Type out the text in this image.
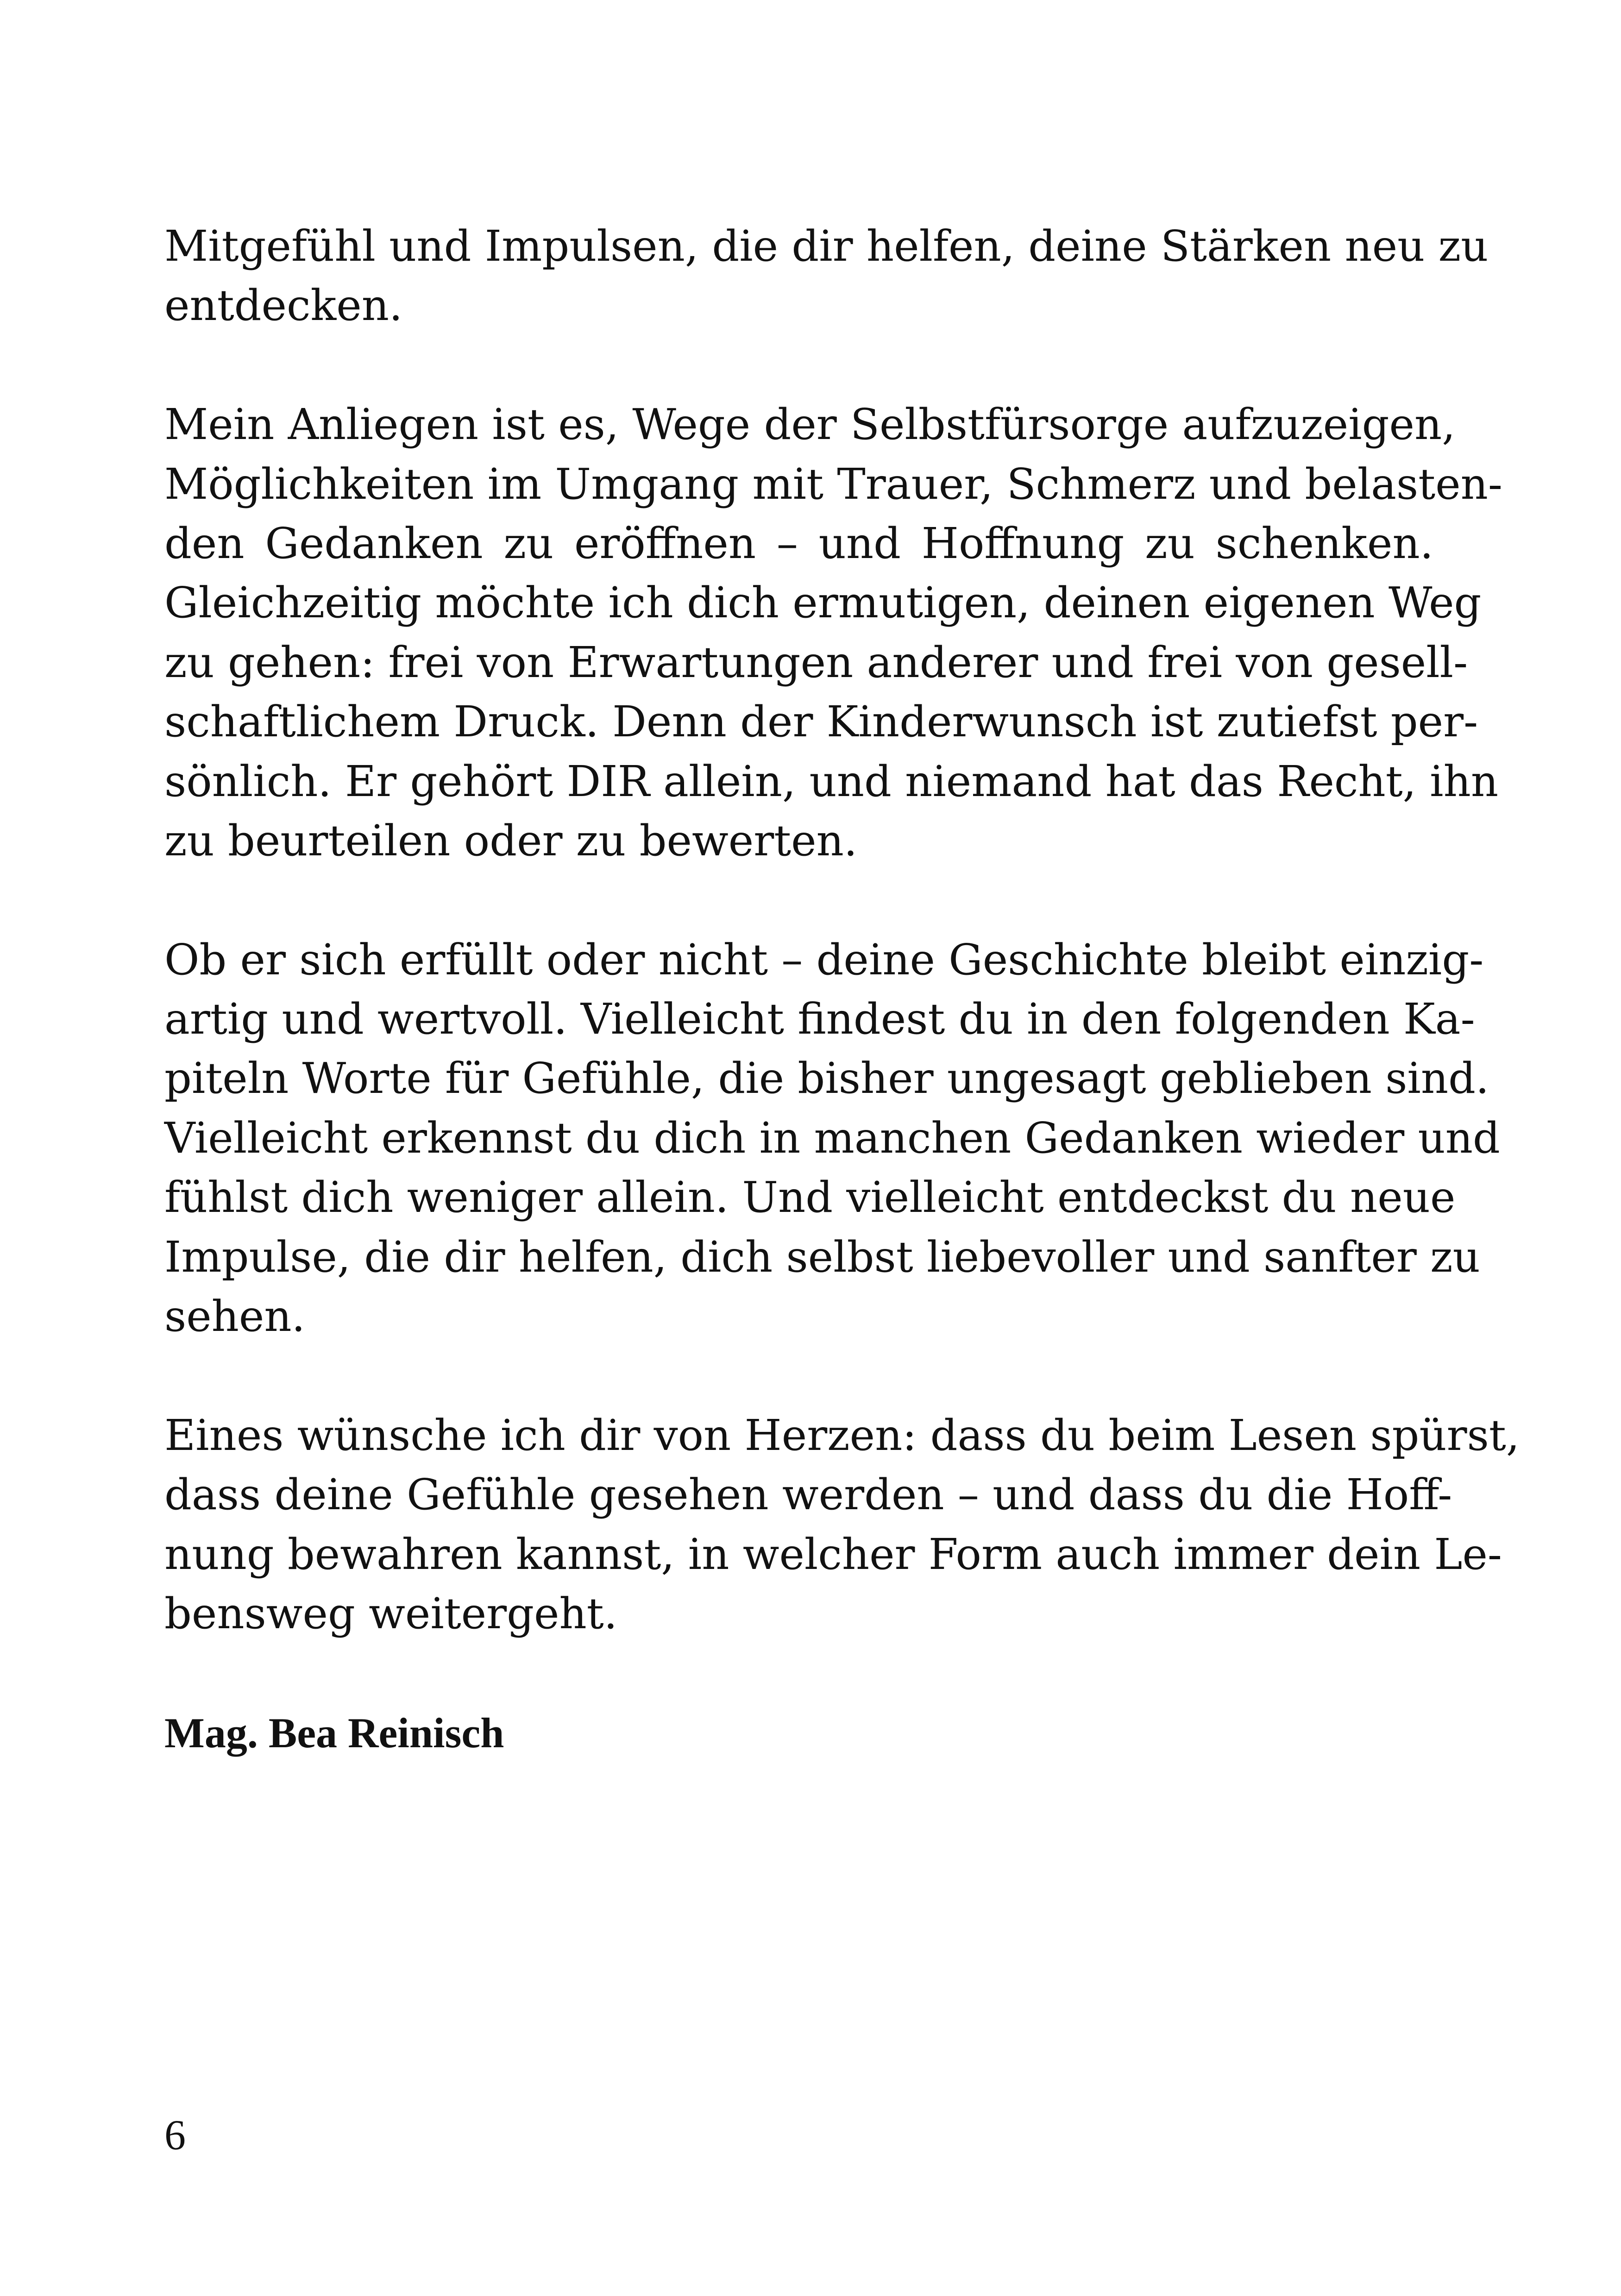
Mitgefühl und Impulsen, die dir helfen, deine Stärken neu zu
entdecken.
Mein Anliegen ist es, Wege der Selbstfürsorge aufzuzeigen,
Möglichkeiten im Umgang mit Trauer, Schmerz und belasten-
den Gedanken zu eröffnen – und Hoffnung zu schenken.
Gleichzeitig möchte ich dich ermutigen, deinen eigenen Weg
zu gehen: frei von Erwartungen anderer und frei von gesell-
schaftlichem Druck. Denn der Kinderwunsch ist zutiefst per-
sönlich. Er gehört DIR allein, und niemand hat das Recht, ihn
zu beurteilen oder zu bewerten.
Ob er sich erfüllt oder nicht – deine Geschichte bleibt einzig-
artig und wertvoll. Vielleicht findest du in den folgenden Ka-
piteln Worte für Gefühle, die bisher ungesagt geblieben sind.
Vielleicht erkennst du dich in manchen Gedanken wieder und
fühlst dich weniger allein. Und vielleicht entdeckst du neue
Impulse, die dir helfen, dich selbst liebevoller und sanfter zu
sehen.
Eines wünsche ich dir von Herzen: dass du beim Lesen spürst,
dass deine Gefühle gesehen werden – und dass du die Hoff-
nung bewahren kannst, in welcher Form auch immer dein Le-
bensweg weitergeht.
Mag. Bea Reinisch
6
